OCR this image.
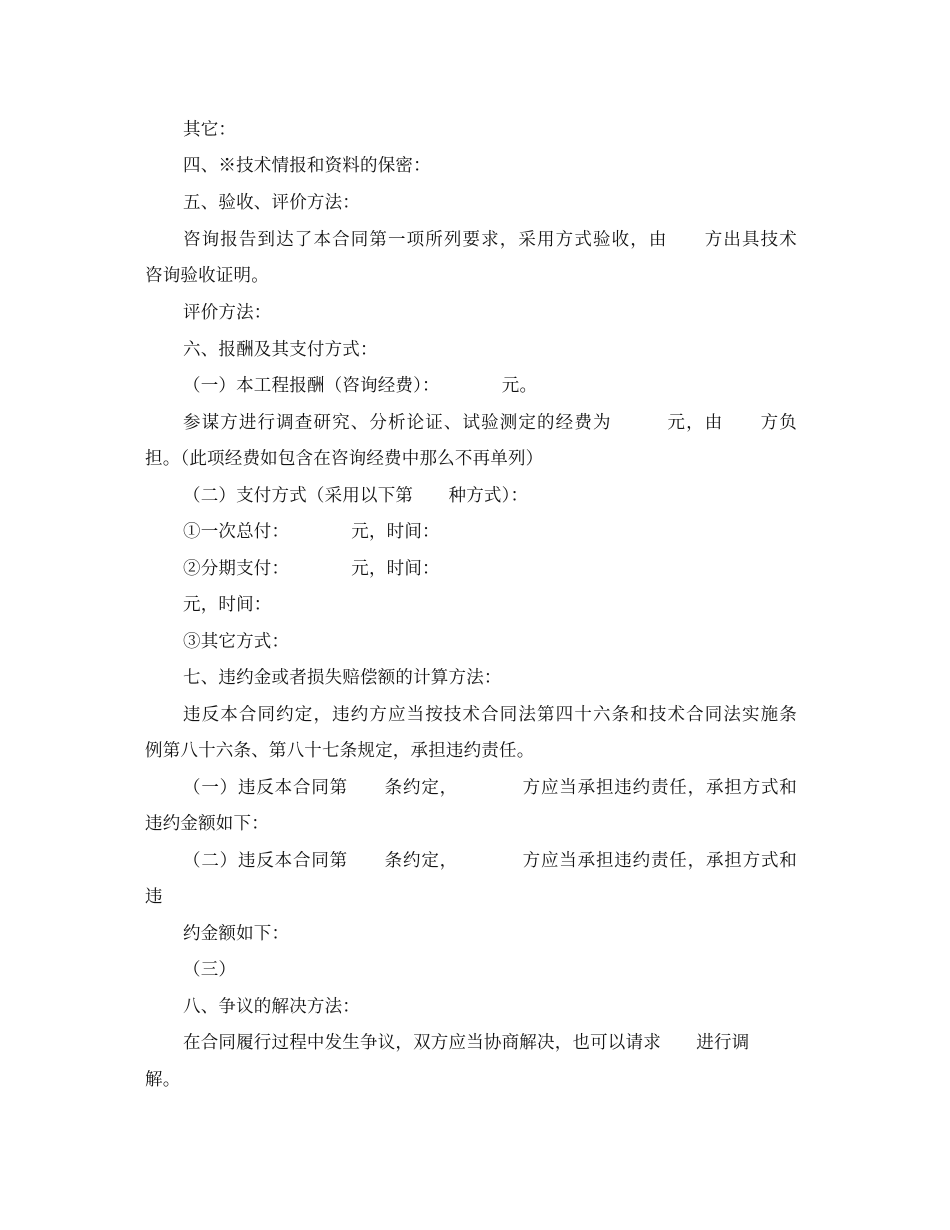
其它：
四、※技术情报和资料的保密：
五、验收、评价方法：
咨询报告到达了本合同第一项所列要求，采用方式验收，由　　方出具技术
咨询验收证明。
评价方法：
六、报酬及其支付方式：
（一）本工程报酬（咨询经费）：　　　　元。
参谋方进行调查研究、分析论证、试验测定的经费为　　　元，由　　方负
担。（此项经费如包含在咨询经费中那么不再单列）
（二）支付方式（采用以下第　　种方式）：
①一次总付：　　　　元，时间：
②分期支付：　　　　元，时间：
元，时间：
③其它方式：
七、违约金或者损失赔偿额的计算方法：
违反本合同约定，违约方应当按技术合同法第四十六条和技术合同法实施条
例第八十六条、第八十七条规定，承担违约责任。
（一）违反本合同第　　条约定，　　　　方应当承担违约责任，承担方式和
违约金额如下：
（二）违反本合同第　　条约定，　　　　方应当承担违约责任，承担方式和
违
约金额如下：
（三）
八、争议的解决方法：
在合同履行过程中发生争议，双方应当协商解决，也可以请求　　进行调
解。
